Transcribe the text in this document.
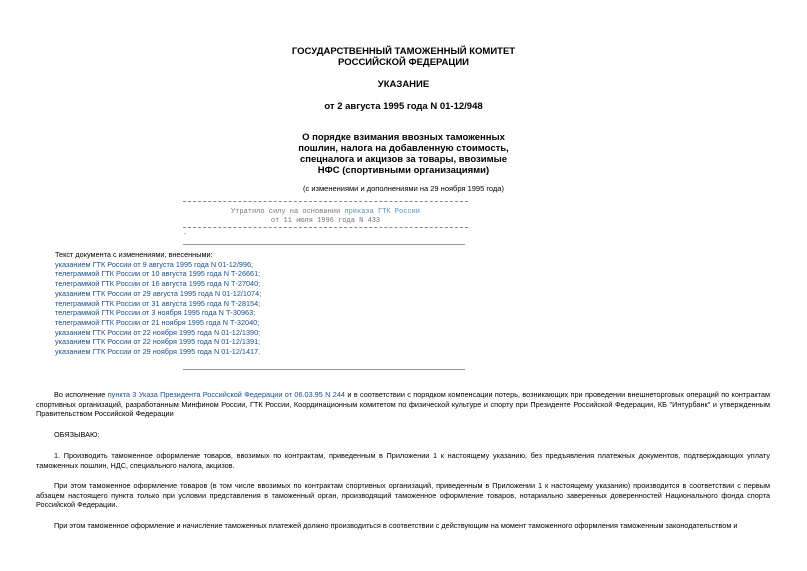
ГОСУДАРСТВЕННЫЙ ТАМОЖЕННЫЙ КОМИТЕТ
РОССИЙСКОЙ ФЕДЕРАЦИИ
УКАЗАНИЕ
от 2 августа 1995 года N 01-12/948
О порядке взимания ввозных таможенных
пошлин, налога на добавленную стоимость,
спецналога и акцизов за товары, ввозимые
НФС (спортивными организациями)
(с изменениями и дополнениями на 29 ноября 1995 года)
Утратило силу на основании приказа ГТК России
от 11 июля 1996 года N 433
-
Текст документа с изменениями, внесенными:
указанием ГТК России от 9 августа 1995 года N 01-12/996;
телеграммой ГТК России от 10 августа 1995 года N Т-26661;
телеграммой ГТК России от 16 августа 1995 года N Т-27040;
указанием ГТК России от 29 августа 1995 года N 01-12/1074;
телеграммой ГТК России от 31 августа 1995 года N Т-28154;
телеграммой ГТК России от 3 ноября 1995 года N Т-30963;
телеграммой ГТК России от 21 ноября 1995 года N Т-32040;
указанием ГТК России от 22 ноября 1995 года N 01-12/1390;
указанием ГТК России от 22 ноября 1995 года N 01-12/1391;
указанием ГТК России от 29 ноября 1995 года N 01-12/1417.
Во исполнение пункта 3 Указа Президента Российской Федерации от 06.03.95 N 244 и в соответствии с порядком компенсации потерь, возникающих при проведении внешнеторговых операций по контрактам спортивных организаций, разработанным Минфином России, ГТК России, Координационным комитетом по физической культуре и спорту при Президенте Российской Федерации, КБ "Интурбанк" и утвержденным Правительством Российской Федерации
ОБЯЗЫВАЮ:
1. Производить таможенное оформление товаров, ввозимых по контрактам, приведенным в Приложении 1 к настоящему указанию, без предъявления платежных документов, подтверждающих уплату таможенных пошлин, НДС, специального налога, акцизов.
При этом таможенное оформление товаров (в том числе ввозимых по контрактам спортивных организаций, приведенным в Приложении 1 к настоящему указанию) производится в соответствии с первым абзацем настоящего пункта только при условии представления в таможенный орган, производящий таможенное оформление товаров, нотариально заверенных доверенностей Национального фонда спорта Российской Федерации.
При этом таможенное оформление и начисление таможенных платежей должно производиться в соответствии с действующим на момент таможенного оформления таможенным законодательством и
